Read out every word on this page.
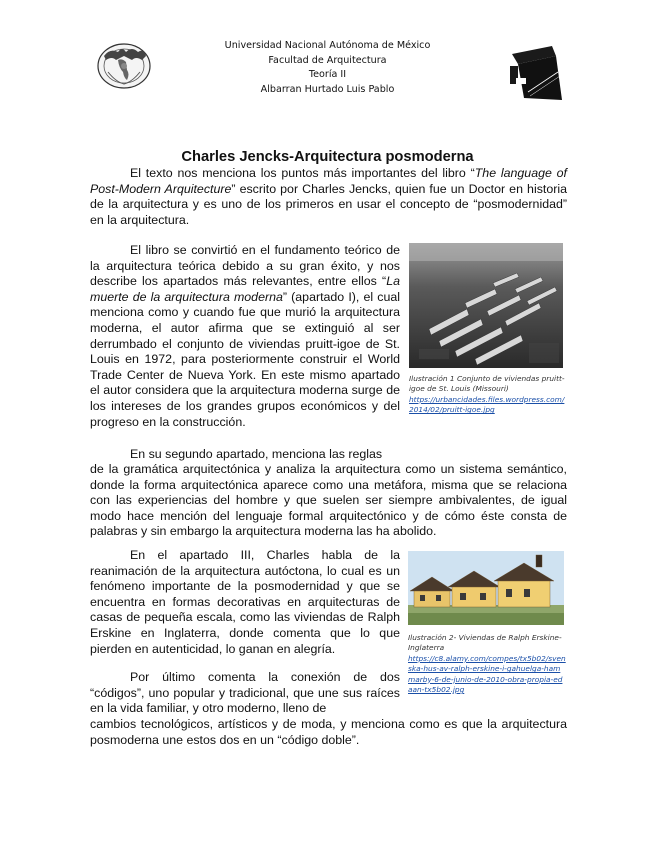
Universidad Nacional Autónoma de México
Facultad de Arquitectura
Teoría II
Albarran Hurtado Luis Pablo
Charles Jencks-Arquitectura posmoderna

El texto nos menciona los puntos más importantes del libro “The language of Post-Modern Arquitecture” escrito por Charles Jencks, quien fue un Doctor en historia de la arquitectura y es uno de los primeros en usar el concepto de “posmodernidad” en la arquitectura.

El libro se convirtió en el fundamento teórico de la arquitectura teórica debido a su gran éxito, y nos describe los apartados más relevantes, entre ellos “La muerte de la arquitectura moderna” (apartado I), el cual menciona como y cuando fue que murió la arquitectura moderna, el autor afirma que se extinguió al ser derrumbado el conjunto de viviendas pruitt-igoe de St. Louis en 1972, para posteriormente construir el World Trade Center de Nueva York. En este mismo apartado el autor considera que la arquitectura moderna surge de los intereses de los grandes grupos económicos y del progreso en la construcción.

Ilustración 1 Conjunto de viviendas pruitt-igoe de St. Louis (Missouri)
https://urbancidades.files.wordpress.com/2014/02/pruitt-igoe.jpg

En su segundo apartado, menciona las reglas

de la gramática arquitectónica y analiza la arquitectura como un sistema semántico,

donde la forma arquitectónica aparece como una metáfora, misma que se relaciona

con las experiencias del hombre y que suelen ser siempre ambivalentes, de igual

modo hace mención del lenguaje formal arquitectónico y de cómo éste consta de

palabras y sin embargo la arquitectura moderna las ha abolido.

En el apartado III, Charles habla de la reanimación de la arquitectura autóctona, lo cual es un fenómeno importante de la posmodernidad y que se encuentra en formas decorativas en arquitecturas de casas de pequeña escala, como las viviendas de Ralph Erskine en Inglaterra, donde comenta que lo que pierden en autenticidad, lo ganan en alegría.

Ilustración 2- Viviendas de Ralph Erskine-Inglaterra
https://c8.alamy.com/compes/tx5b02/svenska-hus-av-ralph-erskine-i-gahuelga-hammarby-6-de-junio-de-2010-obra-propia-edaan-tx5b02.jpg

Por último comenta la conexión de dos “códigos”, uno popular y tradicional, que une sus raíces en la vida familiar, y otro moderno, lleno de

cambios tecnológicos, artísticos y de moda, y menciona como es que la arquitectura

posmoderna une estos dos en un “código doble”.
